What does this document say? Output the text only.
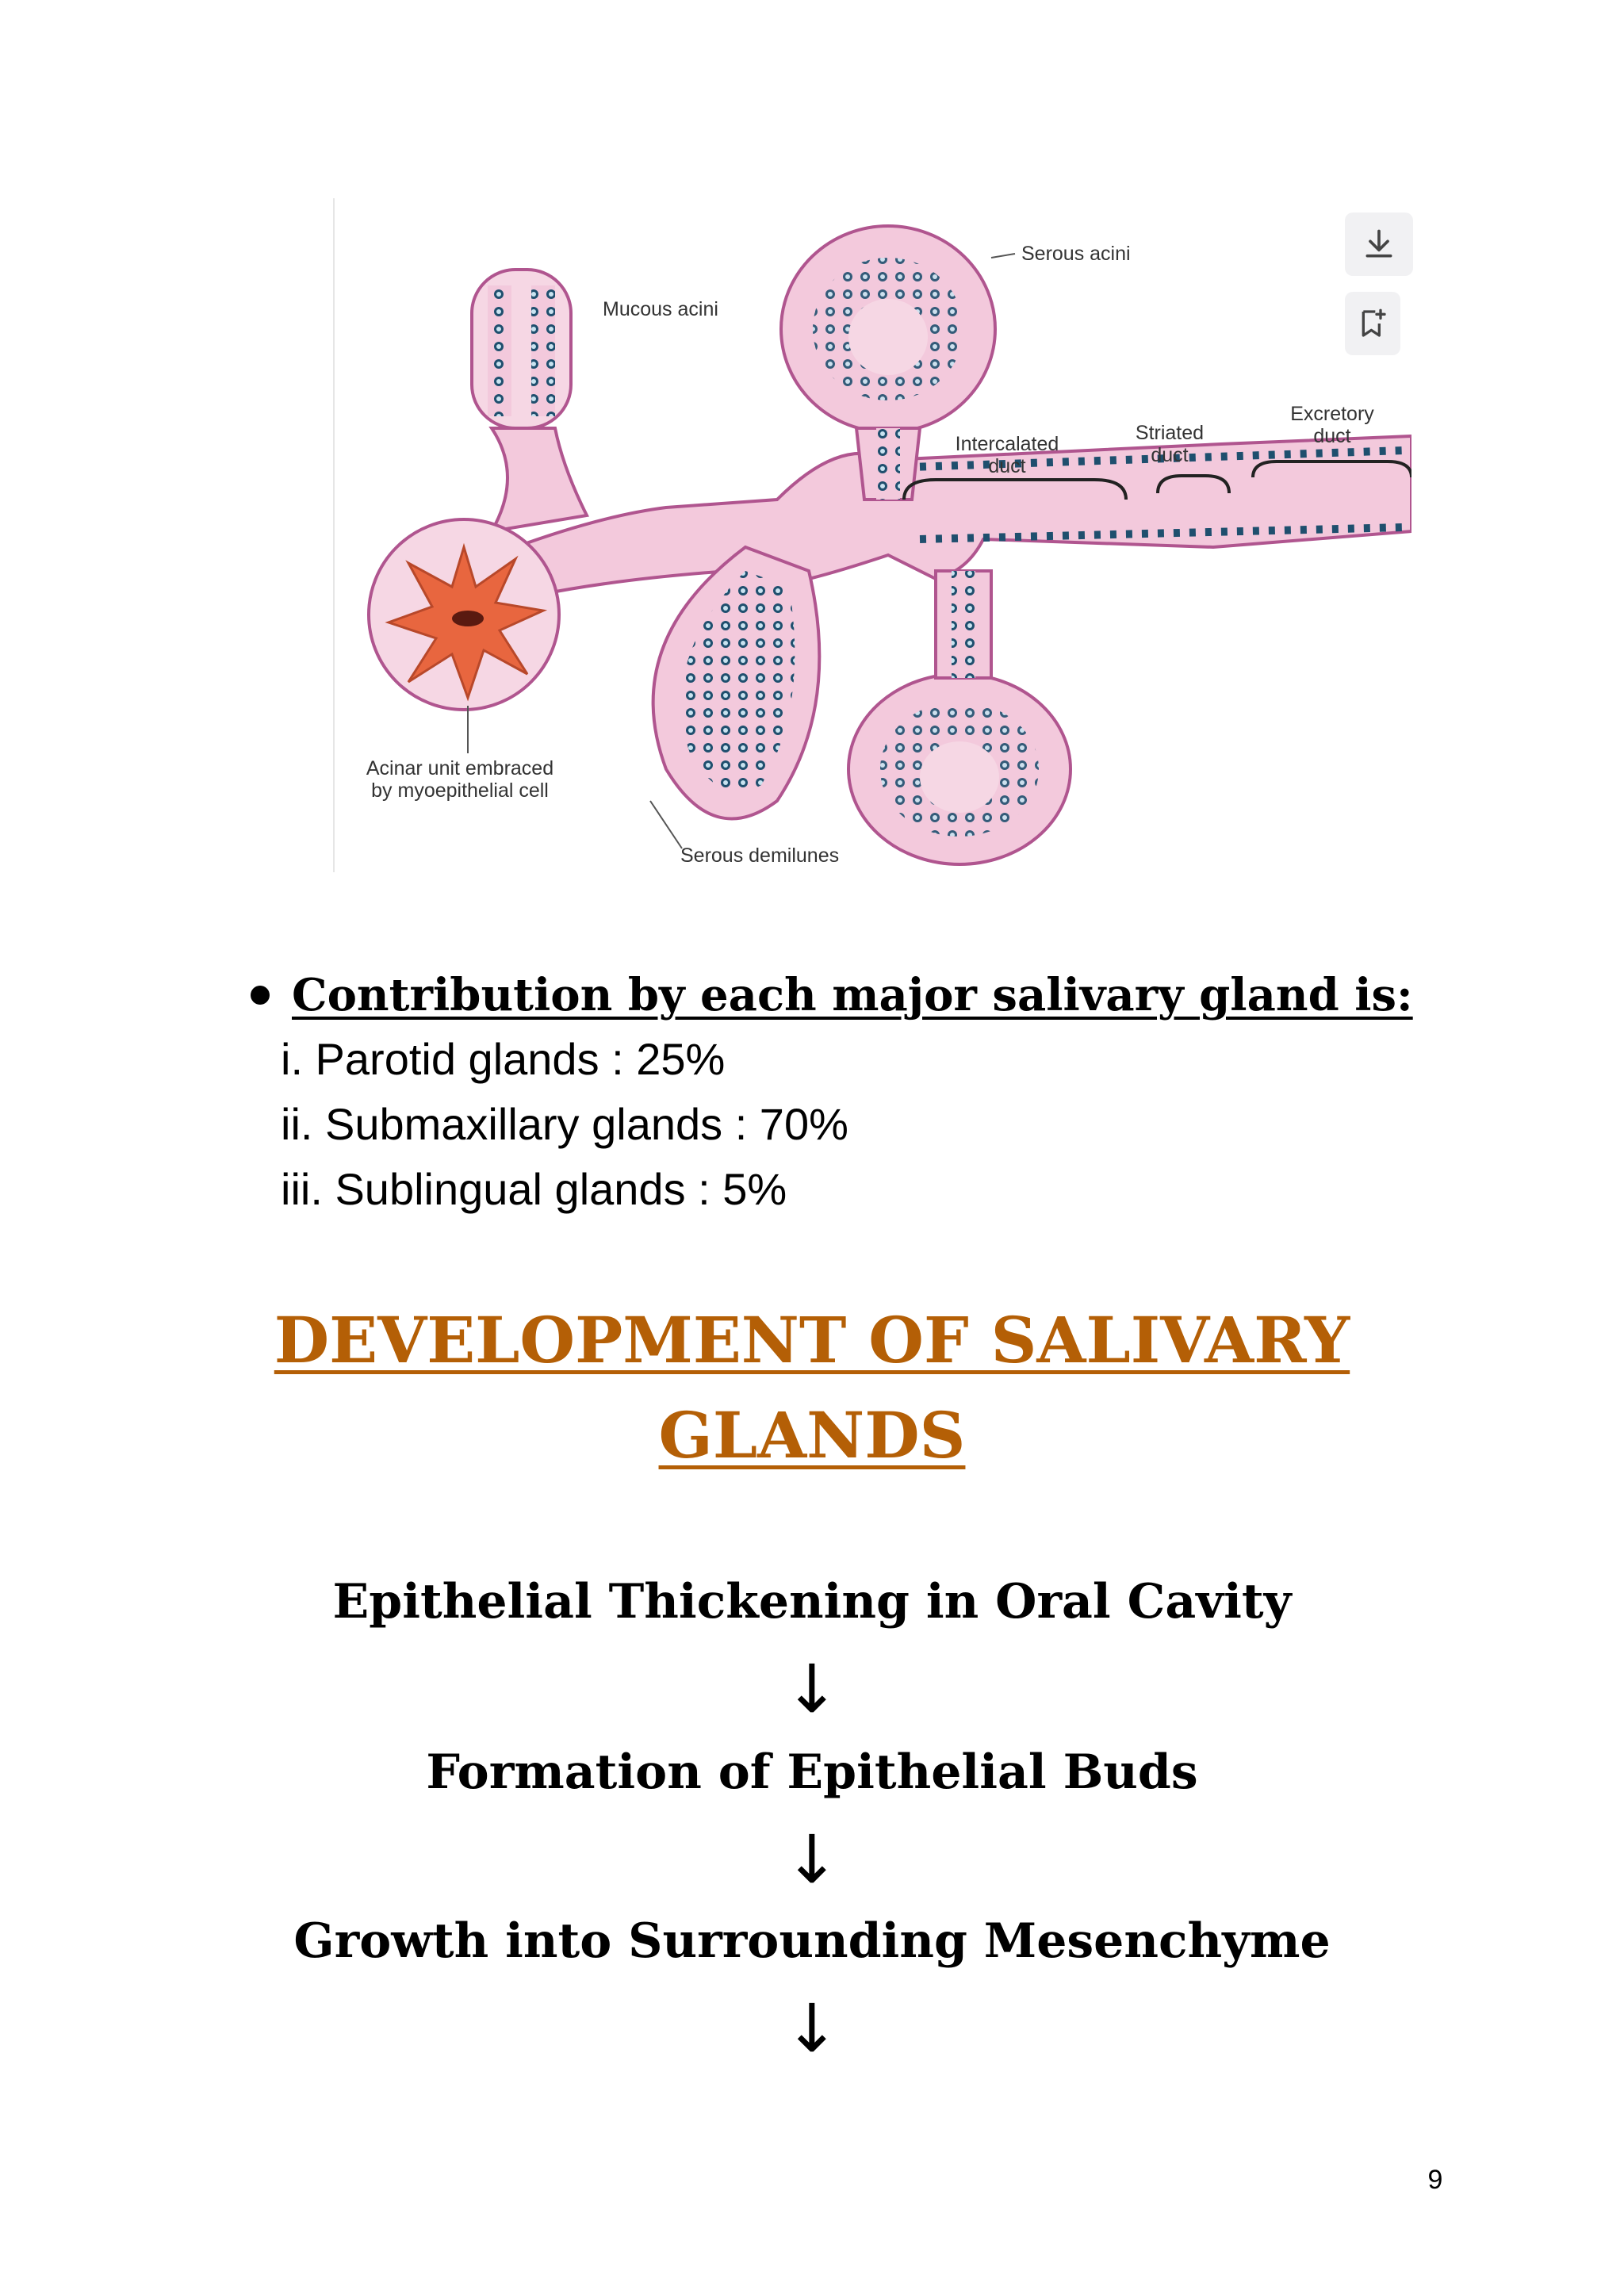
Mucous acini
Serous acini
Intercalated duct
Striated duct
Excretory duct
Acinar unit embraced by myoepithelial cell
Serous demilunes
Contribution by each major salivary gland is:
i. Parotid glands : 25%
ii. Submaxillary glands : 70%
iii. Sublingual glands : 5%
DEVELOPMENT OF SALIVARY
GLANDS
Epithelial Thickening in Oral Cavity
↓
Formation of Epithelial Buds
↓
Growth into Surrounding Mesenchyme
↓
9
